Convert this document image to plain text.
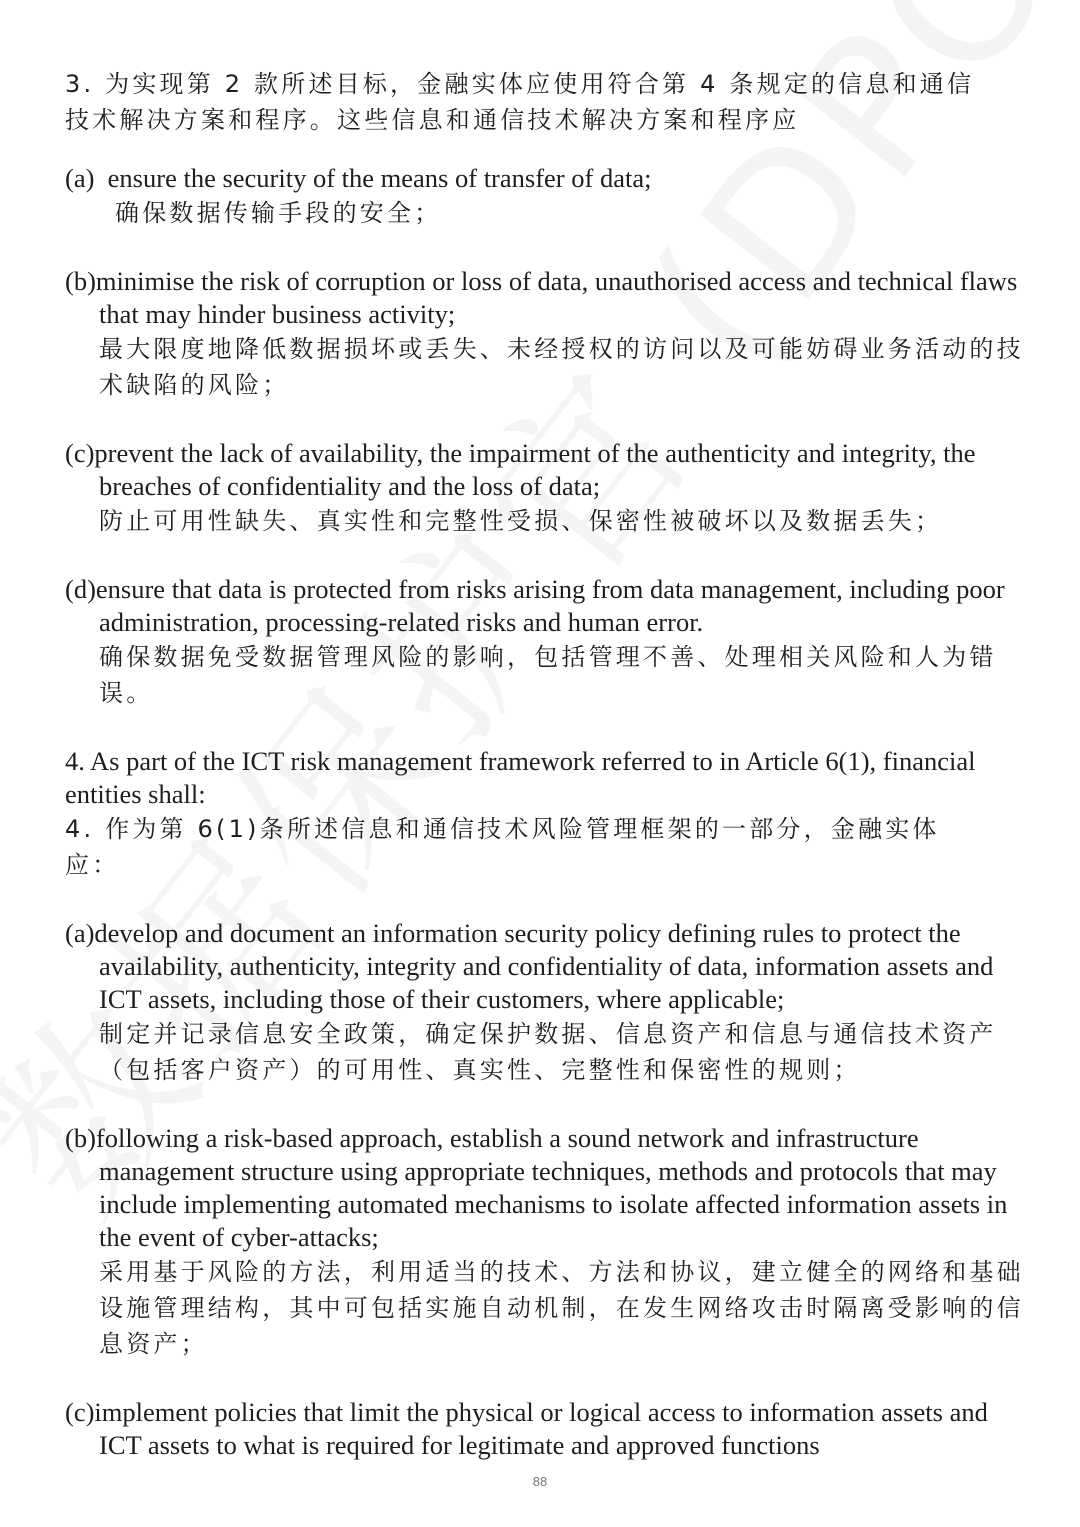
3. 为实现第 2 款所述目标，金融实体应使用符合第 4 条规定的信息和通信技术解决方案和程序。这些信息和通信技术解决方案和程序应

(a) ensure the security of the means of transfer of data;

确保数据传输手段的安全；

(b)minimise the risk of corruption or loss of data, unauthorised access and technical flaws that may hinder business activity;

最大限度地降低数据损坏或丢失、未经授权的访问以及可能妨碍业务活动的技术缺陷的风险；

(c)prevent the lack of availability, the impairment of the authenticity and integrity, the breaches of confidentiality and the loss of data;

防止可用性缺失、真实性和完整性受损、保密性被破坏以及数据丢失；

(d)ensure that data is protected from risks arising from data management, including poor administration, processing-related risks and human error.

确保数据免受数据管理风险的影响，包括管理不善、处理相关风险和人为错误。

4. As part of the ICT risk management framework referred to in Article 6(1), financial entities shall:

4. 作为第 6(1)条所述信息和通信技术风险管理框架的一部分，金融实体应：

(a)develop and document an information security policy defining rules to protect the availability, authenticity, integrity and confidentiality of data, information assets and ICT assets, including those of their customers, where applicable;

制定并记录信息安全政策，确定保护数据、信息资产和信息与通信技术资产（包括客户资产）的可用性、真实性、完整性和保密性的规则；

(b)following a risk-based approach, establish a sound network and infrastructure management structure using appropriate techniques, methods and protocols that may include implementing automated mechanisms to isolate affected information assets in the event of cyber-attacks;

采用基于风险的方法，利用适当的技术、方法和协议，建立健全的网络和基础 设施管理结构，其中可包括实施自动机制，在发生网络攻击时隔离受影响的信息资产；

(c)implement policies that limit the physical or logical access to information assets and ICT assets to what is required for legitimate and approved functions

88
